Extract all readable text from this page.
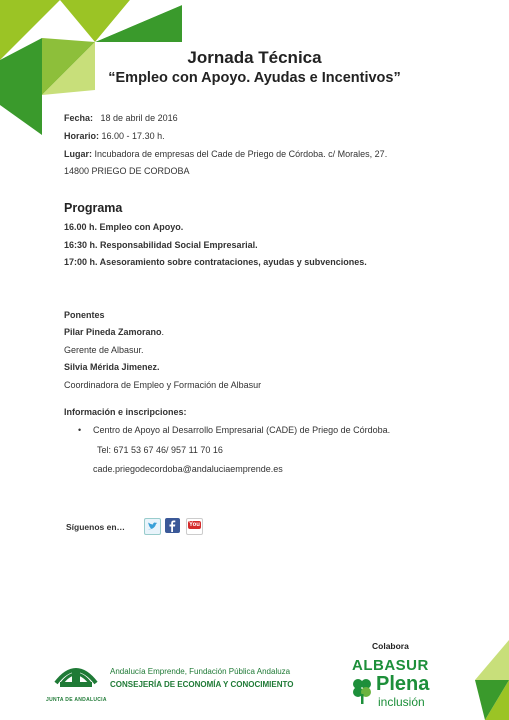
Jornada Técnica
“Empleo con Apoyo. Ayudas e Incentivos”
Fecha: 18 de abril de 2016
Horario: 16.00 - 17.30 h.
Lugar: Incubadora de empresas del Cade de Priego de Córdoba. c/ Morales, 27.
14800 PRIEGO DE CORDOBA
Programa
16.00 h. Empleo con Apoyo.
16:30 h. Responsabilidad Social Empresarial.
17:00 h. Asesoramiento sobre contrataciones, ayudas y subvenciones.
Ponentes
Pilar Pineda Zamorano.
Gerente de Albasur.
Silvia Mérida Jimenez.
Coordinadora de Empleo y Formación de Albasur
Información e inscripciones:
• Centro de Apoyo al Desarrollo Empresarial (CADE) de Priego de Córdoba.
Tel: 671 53 67 46/ 957 11 70 16
cade.priegodecordoba@andaluciaemprende.es
Síguenos en…	You
JUNTA DE ANDALUCIA
Andalucía Emprende, Fundación Pública Andaluza
CONSEJERÍA DE ECONOMÍA Y CONOCIMIENTO
Colabora
ALBASUR
Plena
inclusión
